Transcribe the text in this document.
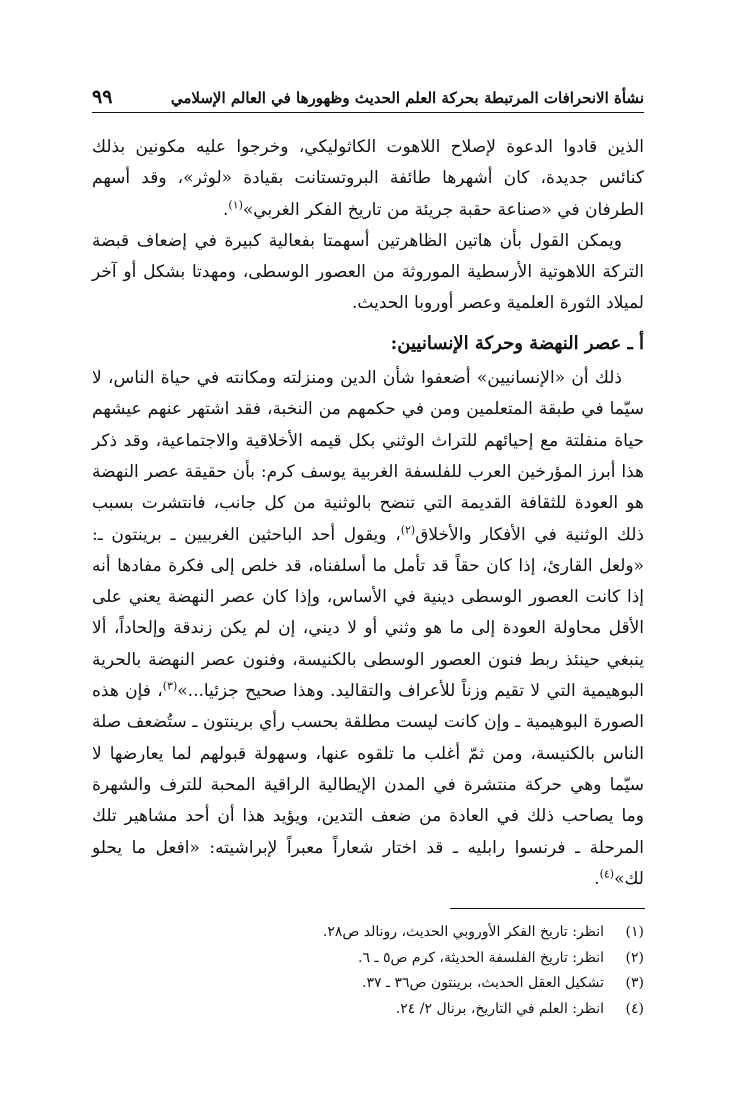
نشأة الانحرافات المرتبطة بحركة العلم الحديث وظهورها في العالم الإسلامي
٩٩

الذين قادوا الدعوة لإصلاح اللاهوت الكاثوليكي، وخرجوا عليه مكونين بذلك كنائس جديدة، كان أشهرها طائفة البروتستانت بقيادة «لوثر»، وقد أسهم الطرفان في «صناعة حقبة جريئة من تاريخ الفكر الغربي»$^{(١)}$.

ويمكن القول بأن هاتين الظاهرتين أسهمتا بفعالية كبيرة في إضعاف قبضة التركة اللاهوتية الأرسطية الموروثة من العصور الوسطى، ومهدتا بشكل أو آخر لميلاد الثورة العلمية وعصر أوروبا الحديث.

أ ـ عصر النهضة وحركة الإنسانيين:

ذلك أن «الإنسانيين» أضعفوا شأن الدين ومنزلته ومكانته في حياة الناس، لا سيّما في طبقة المتعلمين ومن في حكمهم من النخبة، فقد اشتهر عنهم عيشهم حياة منفلتة مع إحيائهم للتراث الوثني بكل قيمه الأخلاقية والاجتماعية، وقد ذكر هذا أبرز المؤرخين العرب للفلسفة الغربية يوسف كرم: بأن حقيقة عصر النهضة هو العودة للثقافة القديمة التي تنضح بالوثنية من كل جانب، فانتشرت بسبب ذلك الوثنية في الأفكار والأخلاق$^{(٢)}$، ويقول أحد الباحثين الغربيين ـ برينتون ـ: «ولعل القارئ، إذا كان حقاً قد تأمل ما أسلفناه، قد خلص إلى فكرة مفادها أنه إذا كانت العصور الوسطى دينية في الأساس، وإذا كان عصر النهضة يعني على الأقل محاولة العودة إلى ما هو وثني أو لا ديني، إن لم يكن زندقة وإلحاداً، ألا ينبغي حينئذ ربط فنون العصور الوسطى بالكنيسة، وفنون عصر النهضة بالحرية البوهيمية التي لا تقيم وزناً للأعراف والتقاليد. وهذا صحيح جزئيا...»$^{(٣)}$، فإن هذه الصورة البوهيمية ـ وإن كانت ليست مطلقة بحسب رأي برينتون ـ ستُضعف صلة الناس بالكنيسة، ومن ثمّ أغلب ما تلقوه عنها، وسهولة قبولهم لما يعارضها لا سيّما وهي حركة منتشرة في المدن الإيطالية الراقية المحبة للترف والشهرة وما يصاحب ذلك في العادة من ضعف التدين، ويؤيد هذا أن أحد مشاهير تلك المرحلة ـ فرنسوا رابليه ـ قد اختار شعاراً معبراً لإبراشيته: «افعل ما يحلو لك»$^{(٤)}$.

(١)
انظر: تاريخ الفكر الأوروبي الحديث، رونالد ص٢٨.
(٢)
انظر: تاريخ الفلسفة الحديثة، كرم ص٥ ـ ٦.
(٣)
تشكيل العقل الحديث، برينتون ص٣٦ ـ ٣٧.
(٤)
انظر: العلم في التاريخ، برنال ٢/ ٢٤.
